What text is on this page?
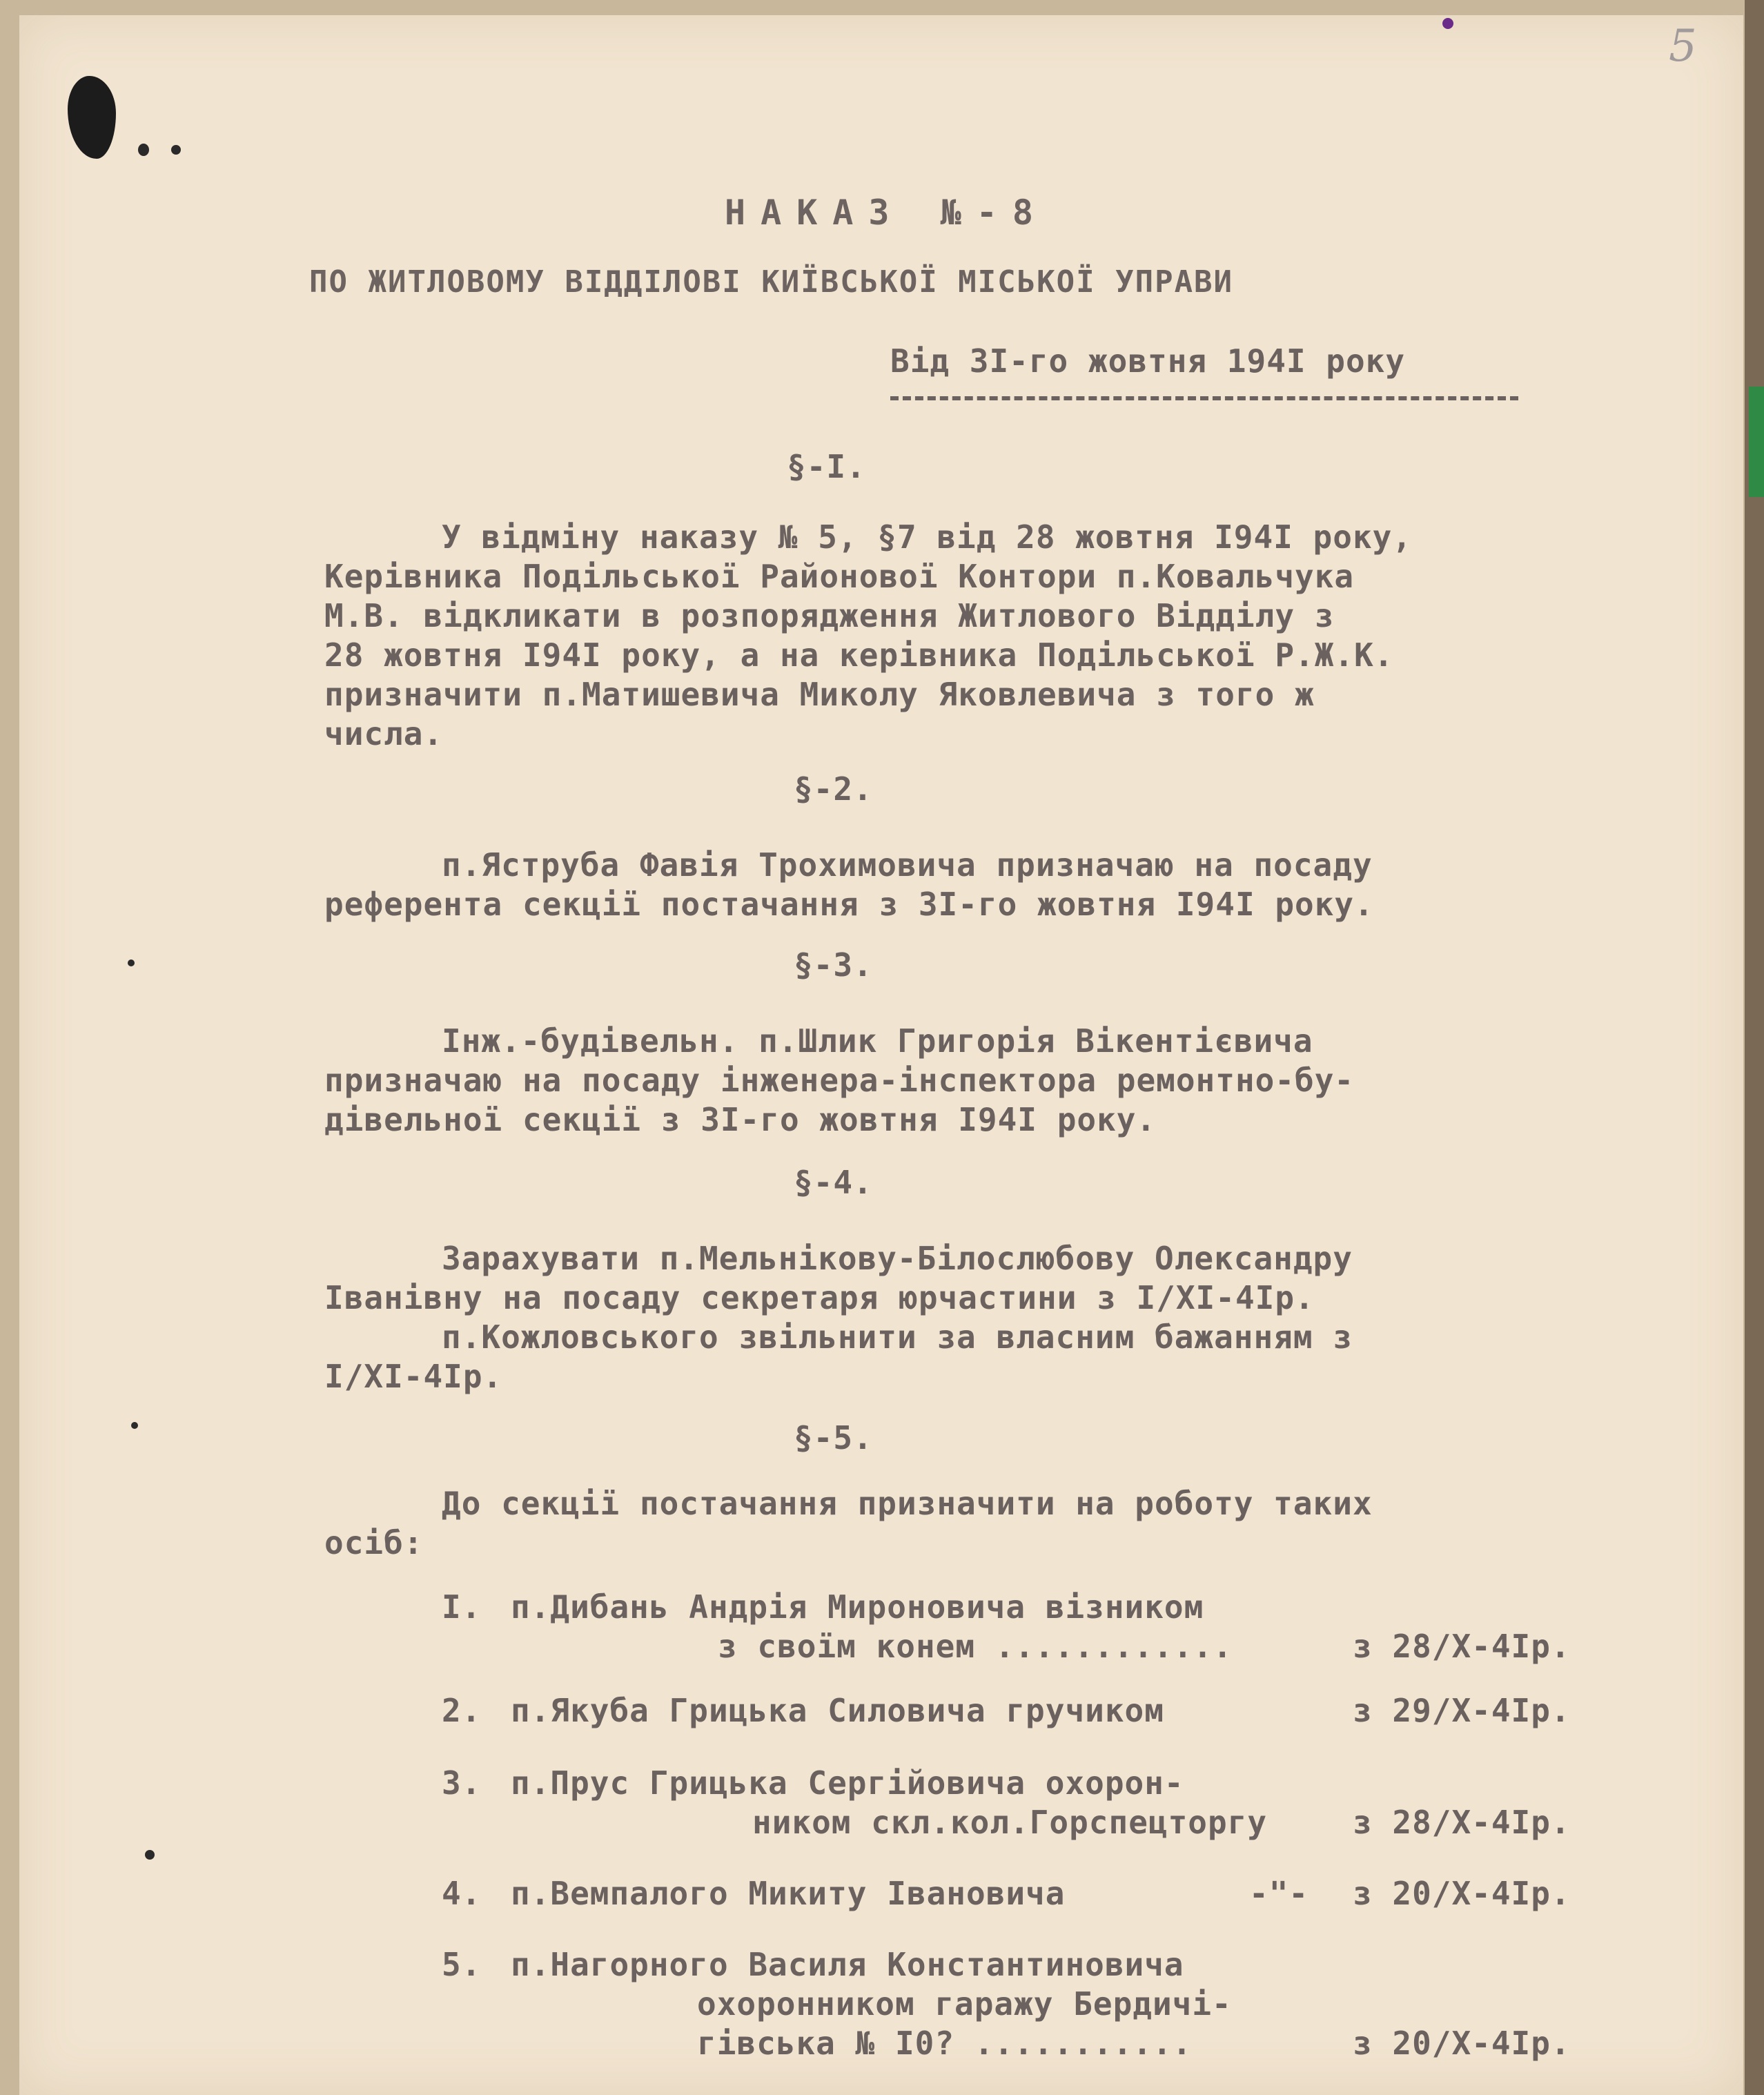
5
НАКАЗ №-8
ПО ЖИТЛОВОМУ ВІДДІЛОВІ КИЇВСЬКОЇ МІСЬКОЇ УПРАВИ
Від 3І-го жовтня 194І року
§-І.
У відміну наказу № 5, §7 від 28 жовтня І94І року,
Керівника Подільської Районової Контори п.Ковальчука
М.В. відкликати в розпорядження Житлового Відділу з
28 жовтня І94І року, а на керівника Подільської Р.Ж.К.
призначити п.Матишевича Миколу Яковлевича з того ж
числа.
§-2.
п.Яструба Фавія Трохимовича призначаю на посаду
референта секції постачання з 3І-го жовтня І94І року.
§-3.
Інж.-будівельн. п.Шлик Григорія Вікентієвича
призначаю на посаду інженера-інспектора ремонтно-бу-
дівельної секції з 3І-го жовтня І94І року.
§-4.
Зарахувати п.Мельнікову-Білослюбову Олександру
Іванівну на посаду секретаря юрчастини з І/ХІ-4Ір.
п.Кожловського звільнити за власним бажанням з
І/ХІ-4Ір.
§-5.
До секції постачання призначити на роботу таких
осіб:
І. п.Дибань Андрія Мироновича візником
з своїм конем ............	з 28/Х-4Ір.
2. п.Якуба Грицька Силовича гручиком	з 29/Х-4Ір.
3. п.Прус Грицька Сергійовича охорон-
ником скл.кол.Горспецторгу	з 28/Х-4Ір.
4. п.Вемпалого Микиту Івановича	-"- з 20/Х-4Ір.
5. п.Нагорного Василя Константиновича
охоронником гаражу Бердичі-
гівська № І0? ...........	з 20/Х-4Ір.
